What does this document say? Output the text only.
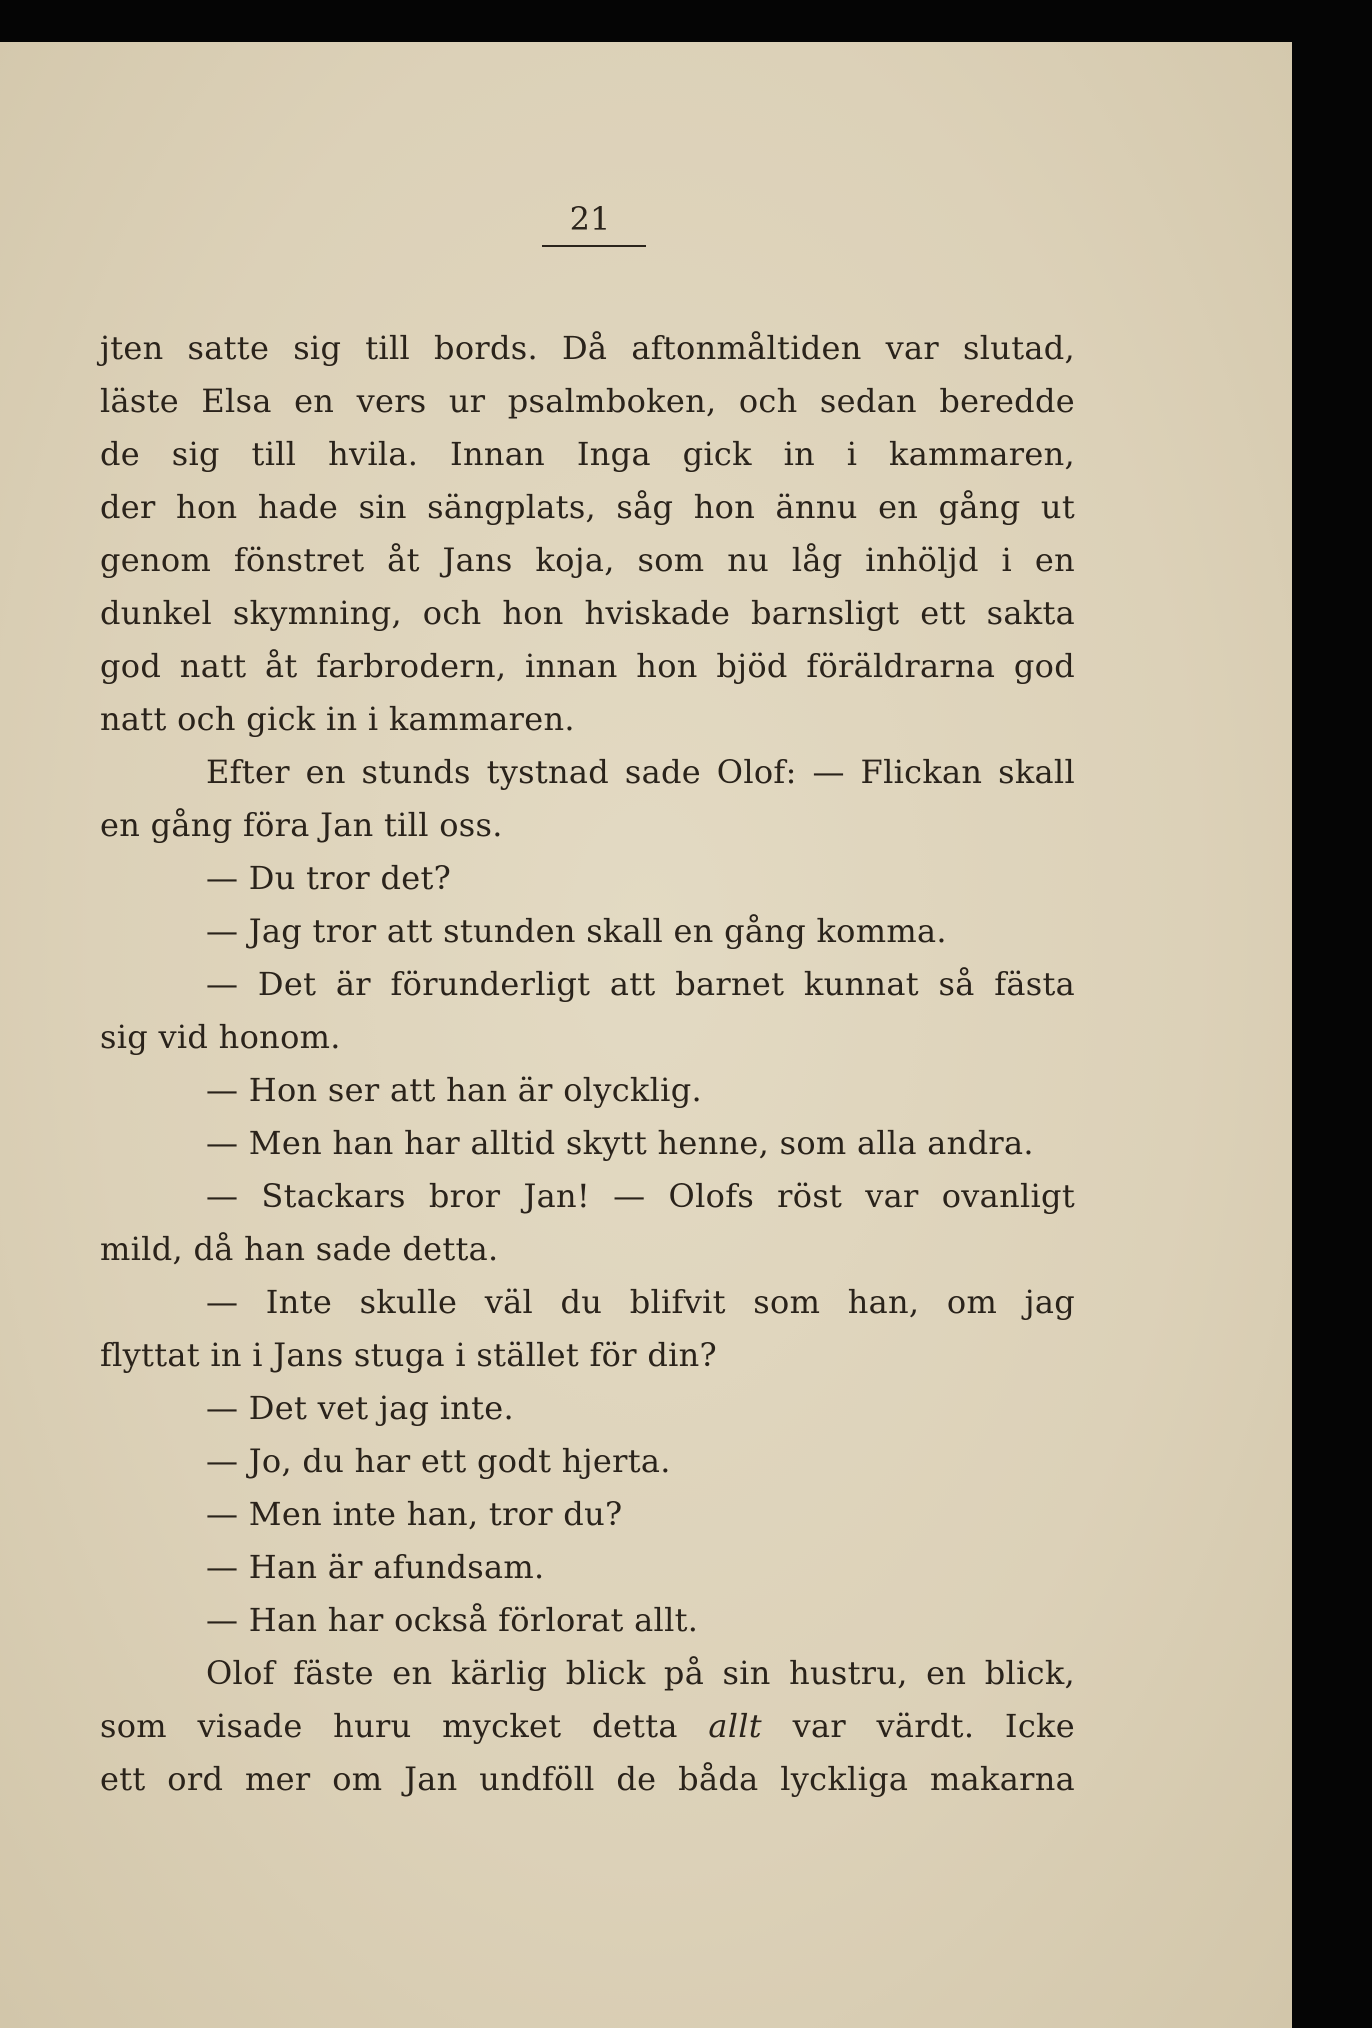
21
jten satte sig till bords. Då aftonmåltiden var slutad,
läste Elsa en vers ur psalmboken, och sedan beredde
de sig till hvila. Innan Inga gick in i kammaren,
der hon hade sin sängplats, såg hon ännu en gång ut
genom fönstret åt Jans koja, som nu låg inhöljd i en
dunkel skymning, och hon hviskade barnsligt ett sakta
god natt åt farbrodern, innan hon bjöd föräldrarna god
natt och gick in i kammaren.
Efter en stunds tystnad sade Olof: — Flickan skall
en gång föra Jan till oss.
— Du tror det?
— Jag tror att stunden skall en gång komma.
— Det är förunderligt att barnet kunnat så fästa
sig vid honom.
— Hon ser att han är olycklig.
— Men han har alltid skytt henne, som alla andra.
— Stackars bror Jan! — Olofs röst var ovanligt
mild, då han sade detta.
— Inte skulle väl du blifvit som han, om jag
flyttat in i Jans stuga i stället för din?
— Det vet jag inte.
— Jo, du har ett godt hjerta.
— Men inte han, tror du?
— Han är afundsam.
— Han har också förlorat allt.
Olof fäste en kärlig blick på sin hustru, en blick,
som visade huru mycket detta allt var värdt. Icke
ett ord mer om Jan undföll de båda lyckliga makarna
